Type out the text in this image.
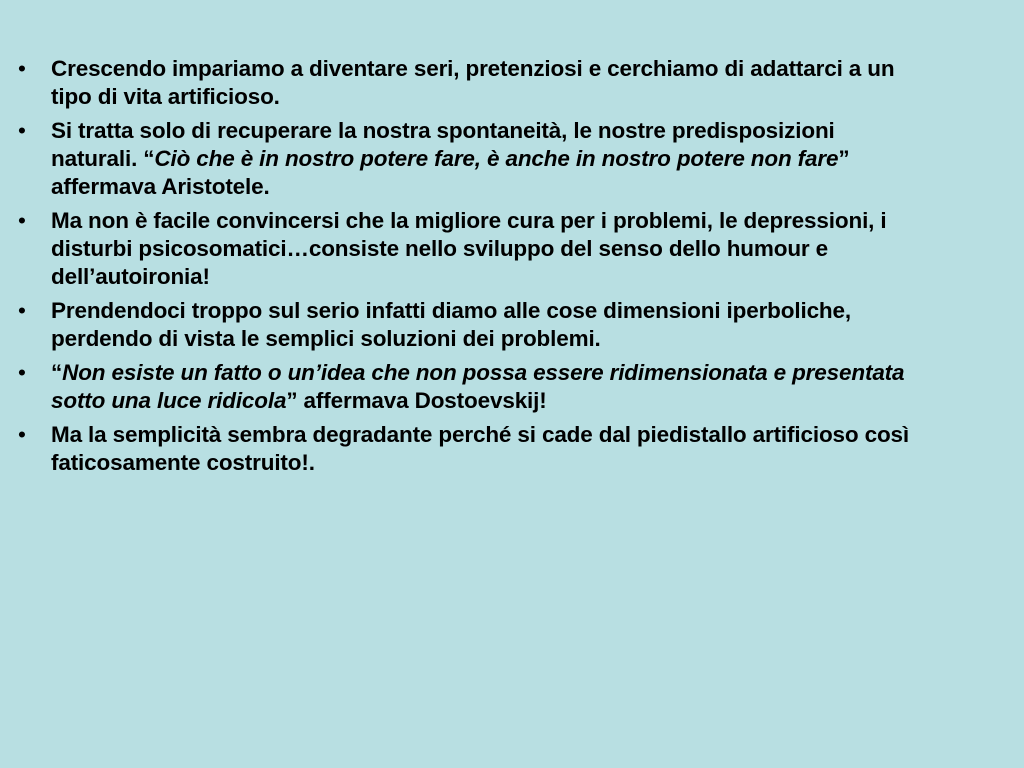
•	Crescendo impariamo a diventare seri, pretenziosi e cerchiamo di adattarci a un tipo di vita artificioso.
•	Si tratta solo di recuperare la nostra spontaneità, le nostre predisposizioni naturali. “Ciò che è in nostro potere fare, è anche in nostro potere non fare” affermava Aristotele.
•	Ma non è facile convincersi che la migliore cura per i problemi, le depressioni, i disturbi psicosomatici…consiste nello sviluppo del senso dello humour e dell’autoironia!
•	Prendendoci troppo sul serio infatti diamo alle cose dimensioni iperboliche, perdendo di vista le semplici soluzioni dei problemi.
•	“Non esiste un fatto o un’idea che non possa essere ridimensionata e presentata sotto una luce ridicola” affermava Dostoevskij!
•	Ma la semplicità sembra degradante perché si cade dal piedistallo artificioso così faticosamente costruito!.
